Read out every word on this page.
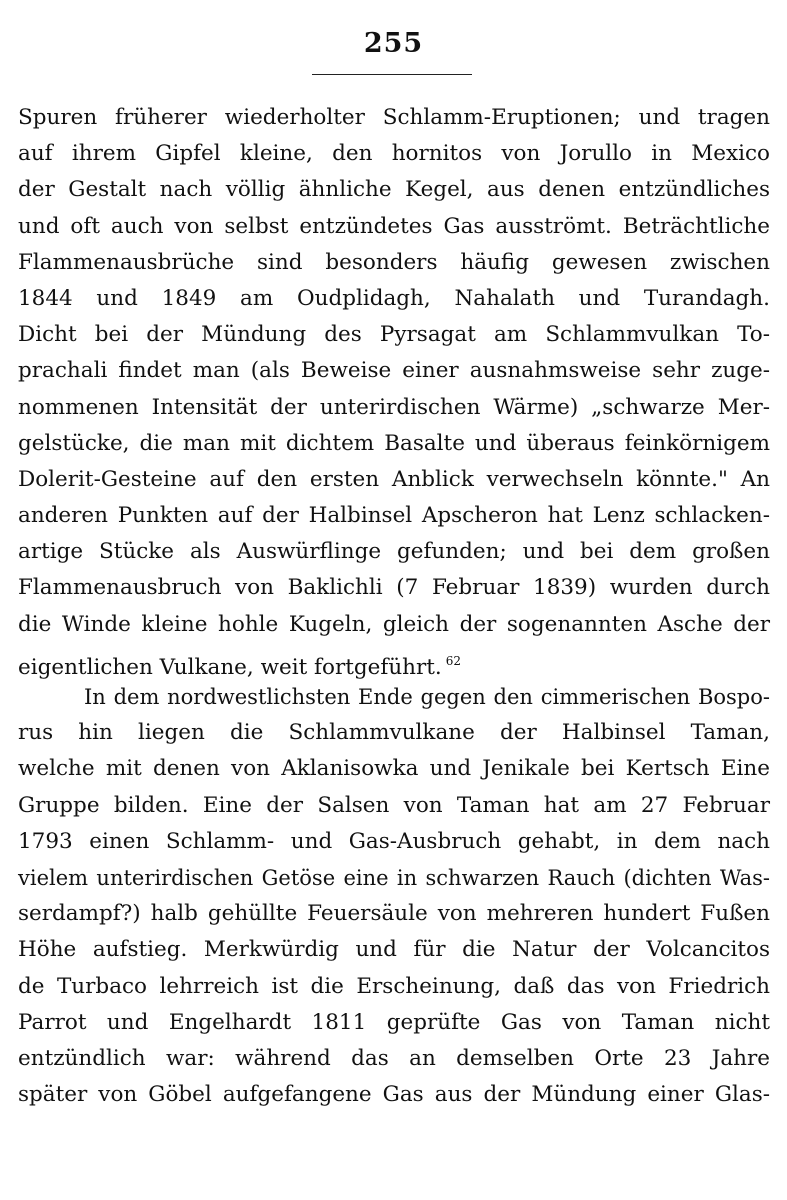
255
Spuren früherer wiederholter Schlamm-Eruptionen; und tragen
auf ihrem Gipfel kleine, den hornitos von Jorullo in Mexico
der Gestalt nach völlig ähnliche Kegel, aus denen entzündliches
und oft auch von selbst entzündetes Gas ausströmt. Beträchtliche
Flammenausbrüche sind besonders häufig gewesen zwischen
1844 und 1849 am Oudplidagh, Nahalath und Turandagh.
Dicht bei der Mündung des Pyrsagat am Schlammvulkan To-
prachali findet man (als Beweise einer ausnahmsweise sehr zuge-
nommenen Intensität der unterirdischen Wärme) „schwarze Mer-
gelstücke, die man mit dichtem Basalte und überaus feinkörnigem
Dolerit-Gesteine auf den ersten Anblick verwechseln könnte." An
anderen Punkten auf der Halbinsel Apscheron hat Lenz schlacken-
artige Stücke als Auswürflinge gefunden; und bei dem großen
Flammenausbruch von Baklichli (7 Februar 1839) wurden durch
die Winde kleine hohle Kugeln, gleich der sogenannten Asche der
eigentlichen Vulkane, weit fortgeführt. $^{62}$
In dem nordwestlichsten Ende gegen den cimmerischen Bospo-
rus hin liegen die Schlammvulkane der Halbinsel Taman,
welche mit denen von Aklanisowka und Jenikale bei Kertsch Eine
Gruppe bilden. Eine der Salsen von Taman hat am 27 Februar
1793 einen Schlamm- und Gas-Ausbruch gehabt, in dem nach
vielem unterirdischen Getöse eine in schwarzen Rauch (dichten Was-
serdampf?) halb gehüllte Feuersäule von mehreren hundert Fußen
Höhe aufstieg. Merkwürdig und für die Natur der Volcancitos
de Turbaco lehrreich ist die Erscheinung, daß das von Friedrich
Parrot und Engelhardt 1811 geprüfte Gas von Taman nicht
entzündlich war: während das an demselben Orte 23 Jahre
später von Göbel aufgefangene Gas aus der Mündung einer Glas-
